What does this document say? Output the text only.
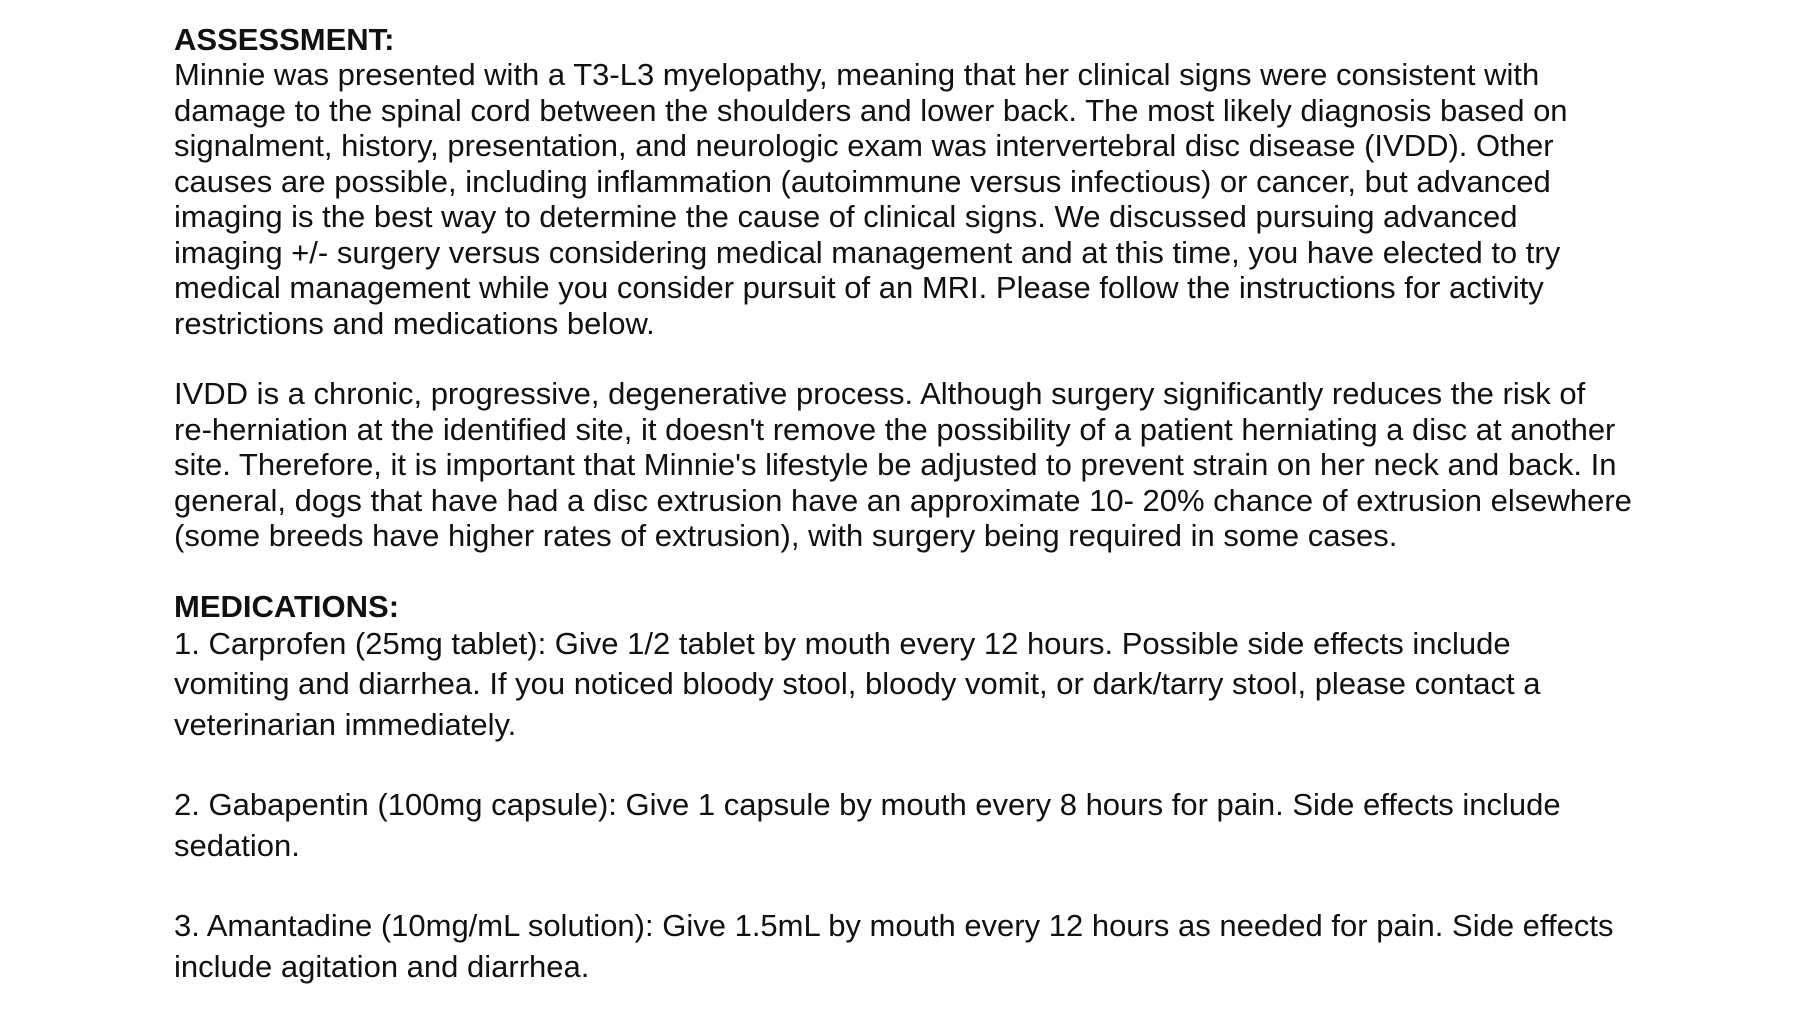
ASSESSMENT:

Minnie was presented with a T3-L3 myelopathy, meaning that her clinical signs were consistent with
damage to the spinal cord between the shoulders and lower back. The most likely diagnosis based on
signalment, history, presentation, and neurologic exam was intervertebral disc disease (IVDD). Other
causes are possible, including inflammation (autoimmune versus infectious) or cancer, but advanced
imaging is the best way to determine the cause of clinical signs. We discussed pursuing advanced
imaging +/- surgery versus considering medical management and at this time, you have elected to try
medical management while you consider pursuit of an MRI. Please follow the instructions for activity
restrictions and medications below.

IVDD is a chronic, progressive, degenerative process. Although surgery significantly reduces the risk of
re-herniation at the identified site, it doesn't remove the possibility of a patient herniating a disc at another
site. Therefore, it is important that Minnie's lifestyle be adjusted to prevent strain on her neck and back. In
general, dogs that have had a disc extrusion have an approximate 10- 20% chance of extrusion elsewhere
(some breeds have higher rates of extrusion), with surgery being required in some cases.

MEDICATIONS:

1. Carprofen (25mg tablet): Give 1/2 tablet by mouth every 12 hours. Possible side effects include
vomiting and diarrhea. If you noticed bloody stool, bloody vomit, or dark/tarry stool, please contact a
veterinarian immediately.

2. Gabapentin (100mg capsule): Give 1 capsule by mouth every 8 hours for pain. Side effects include
sedation.

3. Amantadine (10mg/mL solution): Give 1.5mL by mouth every 12 hours as needed for pain. Side effects
include agitation and diarrhea.
